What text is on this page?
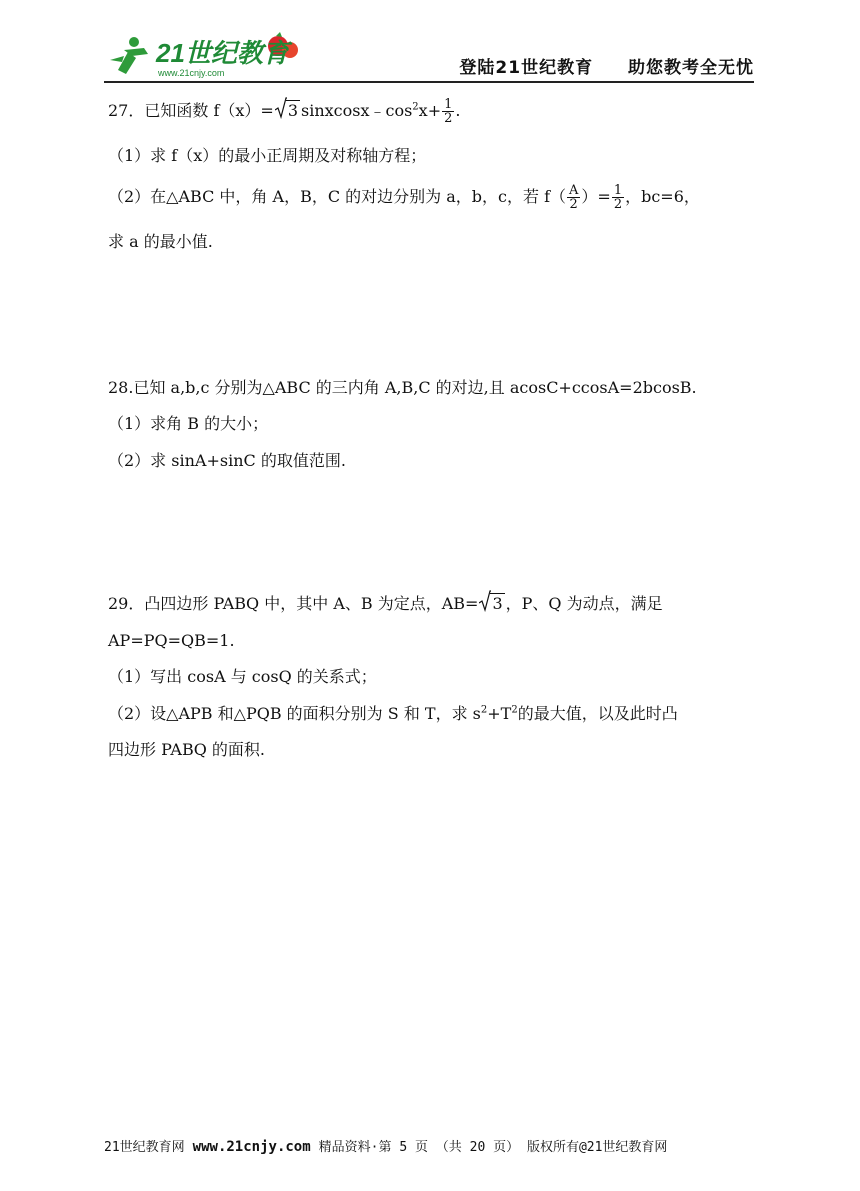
21世纪教育
www.21cnjy.com	登陆21世纪教育 助您教考全无忧
27．已知函数 f（x）= 3 $sinxcosx﹣\cos^2x+ \frac{1}{2}$ .
（1）求 f（x）的最小正周期及对称轴方程；
（2）在△ABC 中，角 A，B，C 的对边分别为 a，b，c，若 $f( \frac{A}{2}$ ）= $\frac{1}{2}$ ，bc=6，
求 a 的最小值.
28.已知 a,b,c 分别为△ABC 的三内角 A,B,C 的对边,且 acosC+ccosA=2bcosB.
（1）求角 B 的大小；
（2）求 sinA+sinC 的取值范围.
29．凸四边形 PABQ 中，其中 A、B 为定点，AB= 3 ，P、Q 为动点，满足
AP=PQ=QB=1.
（1）写出 cosA 与 cosQ 的关系式；
（2）设△APB 和△PQB 的面积分别为 S 和 T，求 $s^2+T^2$的最大值，以及此时凸
四边形 PABQ 的面积.
21世纪教育网 www.21cnjy.com 精品资料·第 5 页 （共 20 页） 版权所有@21世纪教育网
